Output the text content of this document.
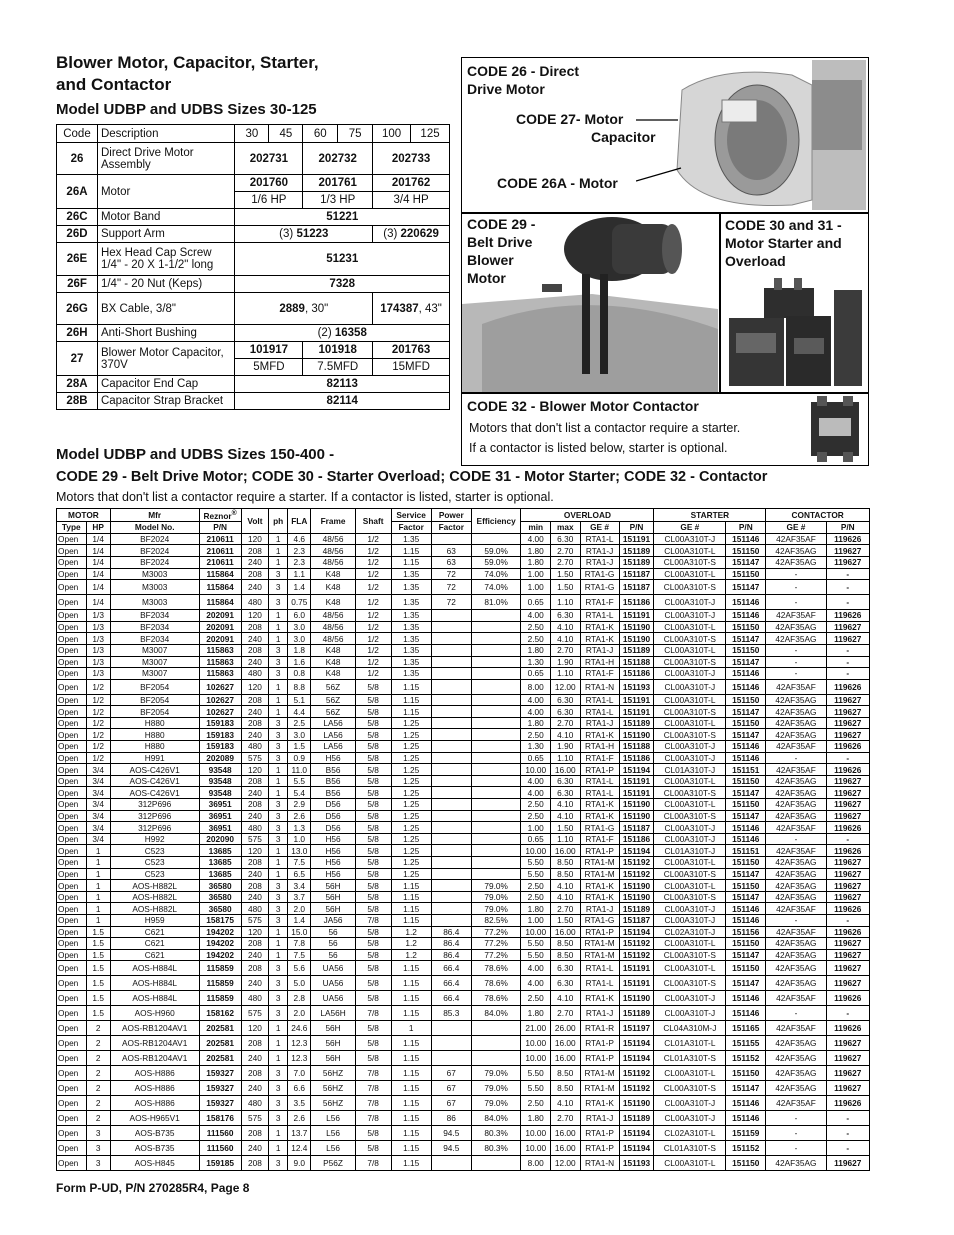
Blower Motor, Capacitor, Starter,
and Contactor
Model UDBP and UDBS Sizes 30-125
Code	Description	30	45	60	75	100	125
26	Direct Drive Motor Assembly	202731		202732		202733	
26A	Motor	201760		201761		201762	
		1/6 HP		1/3 HP		3/4 HP	
26C	Motor Band	51221					
26D	Support Arm	(3) 51223				(3) 220629	
26E	Hex Head Cap Screw 1/4" - 20 X 1-1/2" long	51231					
26F	1/4" - 20 Nut (Keps)	7328					
26G	BX Cable, 3/8"	2889, 30"				174387, 43"	
26H	Anti-Short Bushing	(2) 16358					
27	Blower Motor Capacitor, 370V	101917		101918		201763	
		5MFD		7.5MFD		15MFD	
28A	Capacitor End Cap	82113					
28B	Capacitor Strap Bracket	82114					
CODE 26 - Direct
Drive Motor
CODE 27- Motor
Capacitor
CODE 26A - Motor
CODE 29 -
Belt Drive
Blower
Motor
CODE 30 and 31 -
Motor Starter and
Overload
CODE 32 - Blower Motor Contactor
Motors that don't list a contactor require a starter.
If a contactor is listed below, starter is optional.
Model UDBP and UDBS Sizes 150-400 -
CODE 29 - Belt Drive Motor; CODE 30 - Starter Overload; CODE 31 - Motor Starter; CODE 32 - Contactor
Motors that don't list a contactor require a starter. If a contactor is listed, starter is optional.
MOTOR		Mfr	Reznor®	Volt	ph	FLA	Frame	Shaft	Service	Power	Efficiency	OVERLOAD				STARTER		CONTACTOR	
Type	HP	Model No.	P/N						Factor	Factor		min	max	GE #	P/N	GE #	P/N	GE #	P/N
Open	1/4	BF2024	210611	120	1	4.6	48/56	1/2	1.35			4.00	6.30	RTA1-L	151191	CL00A310T-J	151146	42AF35AF	119626
Open	1/4	BF2024	210611	208	1	2.3	48/56	1/2	1.15	63	59.0%	1.80	2.70	RTA1-J	151189	CL00A310T-L	151150	42AF35AG	119627
Open	1/4	BF2024	210611	240	1	2.3	48/56	1/2	1.15	63	59.0%	1.80	2.70	RTA1-J	151189	CL00A310T-S	151147	42AF35AG	119627
Open	1/4	M3003	115864	208	3	1.1	K48	1/2	1.35	72	74.0%	1.00	1.50	RTA1-G	151187	CL00A310T-L	151150	-	-
Open	1/4	M3003	115864	240	3	1.4	K48	1/2	1.35	72	74.0%	1.00	1.50	RTA1-G	151187	CL00A310T-S	151147	-	-
Open	1/4	M3003	115864	480	3	0.75	K48	1/2	1.35	72	81.0%	0.65	1.10	RTA1-F	151186	CL00A310T-J	151146	-	-
Open	1/3	BF2034	202091	120	1	6.0	48/56	1/2	1.35			4.00	6.30	RTA1-L	151191	CL00A310T-J	151146	42AF35AF	119626
Open	1/3	BF2034	202091	208	1	3.0	48/56	1/2	1.35			2.50	4.10	RTA1-K	151190	CL00A310T-L	151150	42AF35AG	119627
Open	1/3	BF2034	202091	240	1	3.0	48/56	1/2	1.35			2.50	4.10	RTA1-K	151190	CL00A310T-S	151147	42AF35AG	119627
Open	1/3	M3007	115863	208	3	1.8	K48	1/2	1.35			1.80	2.70	RTA1-J	151189	CL00A310T-L	151150	-	-
Open	1/3	M3007	115863	240	3	1.6	K48	1/2	1.35			1.30	1.90	RTA1-H	151188	CL00A310T-S	151147	-	-
Open	1/3	M3007	115863	480	3	0.8	K48	1/2	1.35			0.65	1.10	RTA1-F	151186	CL00A310T-J	151146	-	-
Open	1/2	BF2054	102627	120	1	8.8	56Z	5/8	1.15			8.00	12.00	RTA1-N	151193	CL00A310T-J	151146	42AF35AF	119626
Open	1/2	BF2054	102627	208	1	5.1	56Z	5/8	1.15			4.00	6.30	RTA1-L	151191	CL00A310T-L	151150	42AF35AG	119627
Open	1/2	BF2054	102627	240	1	4.4	56Z	5/8	1.15			4.00	6.30	RTA1-L	151191	CL00A310T-S	151147	42AF35AG	119627
Open	1/2	H880	159183	208	3	2.5	LA56	5/8	1.25			1.80	2.70	RTA1-J	151189	CL00A310T-L	151150	42AF35AG	119627
Open	1/2	H880	159183	240	3	3.0	LA56	5/8	1.25			2.50	4.10	RTA1-K	151190	CL00A310T-S	151147	42AF35AG	119627
Open	1/2	H880	159183	480	3	1.5	LA56	5/8	1.25			1.30	1.90	RTA1-H	151188	CL00A310T-J	151146	42AF35AF	119626
Open	1/2	H991	202089	575	3	0.9	H56	5/8	1.25			0.65	1.10	RTA1-F	151186	CL00A310T-J	151146	-	-
Open	3/4	AOS-C426V1	93548	120	1	11.0	B56	5/8	1.25			10.00	16.00	RTA1-P	151194	CL01A310T-J	151151	42AF35AF	119626
Open	3/4	AOS-C426V1	93548	208	1	5.5	B56	5/8	1.25			4.00	6.30	RTA1-L	151191	CL00A310T-L	151150	42AF35AG	119627
Open	3/4	AOS-C426V1	93548	240	1	5.4	B56	5/8	1.25			4.00	6.30	RTA1-L	151191	CL00A310T-S	151147	42AF35AG	119627
Open	3/4	312P696	36951	208	3	2.9	D56	5/8	1.25			2.50	4.10	RTA1-K	151190	CL00A310T-L	151150	42AF35AG	119627
Open	3/4	312P696	36951	240	3	2.6	D56	5/8	1.25			2.50	4.10	RTA1-K	151190	CL00A310T-S	151147	42AF35AG	119627
Open	3/4	312P696	36951	480	3	1.3	D56	5/8	1.25			1.00	1.50	RTA1-G	151187	CL00A310T-J	151146	42AF35AF	119626
Open	3/4	H992	202090	575	3	1.0	H56	5/8	1.25			0.65	1.10	RTA1-F	151186	CL00A310T-J	151146	-	-
Open	1	C523	13685	120	1	13.0	H56	5/8	1.25			10.00	16.00	RTA1-P	151194	CL01A310T-J	151151	42AF35AF	119626
Open	1	C523	13685	208	1	7.5	H56	5/8	1.25			5.50	8.50	RTA1-M	151192	CL00A310T-L	151150	42AF35AG	119627
Open	1	C523	13685	240	1	6.5	H56	5/8	1.25			5.50	8.50	RTA1-M	151192	CL00A310T-S	151147	42AF35AG	119627
Open	1	AOS-H882L	36580	208	3	3.4	56H	5/8	1.15		79.0%	2.50	4.10	RTA1-K	151190	CL00A310T-L	151150	42AF35AG	119627
Open	1	AOS-H882L	36580	240	3	3.7	56H	5/8	1.15		79.0%	2.50	4.10	RTA1-K	151190	CL00A310T-S	151147	42AF35AG	119627
Open	1	AOS-H882L	36580	480	3	2.0	56H	5/8	1.15		79.0%	1.80	2.70	RTA1-J	151189	CL00A310T-J	151146	42AF35AF	119626
Open	1	H959	158175	575	3	1.4	JA56	7/8	1.15		82.5%	1.00	1.50	RTA1-G	151187	CL00A310T-J	151146	-	-
Open	1.5	C621	194202	120	1	15.0	56	5/8	1.2	86.4	77.2%	10.00	16.00	RTA1-P	151194	CL02A310T-J	151156	42AF35AF	119626
Open	1.5	C621	194202	208	1	7.8	56	5/8	1.2	86.4	77.2%	5.50	8.50	RTA1-M	151192	CL00A310T-L	151150	42AF35AG	119627
Open	1.5	C621	194202	240	1	7.5	56	5/8	1.2	86.4	77.2%	5.50	8.50	RTA1-M	151192	CL00A310T-S	151147	42AF35AG	119627
Open	1.5	AOS-H884L	115859	208	3	5.6	UA56	5/8	1.15	66.4	78.6%	4.00	6.30	RTA1-L	151191	CL00A310T-L	151150	42AF35AG	119627
Open	1.5	AOS-H884L	115859	240	3	5.0	UA56	5/8	1.15	66.4	78.6%	4.00	6.30	RTA1-L	151191	CL00A310T-S	151147	42AF35AG	119627
Open	1.5	AOS-H884L	115859	480	3	2.8	UA56	5/8	1.15	66.4	78.6%	2.50	4.10	RTA1-K	151190	CL00A310T-J	151146	42AF35AF	119626
Open	1.5	AOS-H960	158162	575	3	2.0	LA56H	7/8	1.15	85.3	84.0%	1.80	2.70	RTA1-J	151189	CL00A310T-J	151146	-	-
Open	2	AOS-RB1204AV1	202581	120	1	24.6	56H	5/8	1			21.00	26.00	RTA1-R	151197	CL04A310M-J	151165	42AF35AF	119626
Open	2	AOS-RB1204AV1	202581	208	1	12.3	56H	5/8	1.15			10.00	16.00	RTA1-P	151194	CL01A310T-L	151155	42AF35AG	119627
Open	2	AOS-RB1204AV1	202581	240	1	12.3	56H	5/8	1.15			10.00	16.00	RTA1-P	151194	CL01A310T-S	151152	42AF35AG	119627
Open	2	AOS-H886	159327	208	3	7.0	56HZ	7/8	1.15	67	79.0%	5.50	8.50	RTA1-M	151192	CL00A310T-L	151150	42AF35AG	119627
Open	2	AOS-H886	159327	240	3	6.6	56HZ	7/8	1.15	67	79.0%	5.50	8.50	RTA1-M	151192	CL00A310T-S	151147	42AF35AG	119627
Open	2	AOS-H886	159327	480	3	3.5	56HZ	7/8	1.15	67	79.0%	2.50	4.10	RTA1-K	151190	CL00A310T-J	151146	42AF35AF	119626
Open	2	AOS-H965V1	158176	575	3	2.6	L56	7/8	1.15	86	84.0%	1.80	2.70	RTA1-J	151189	CL00A310T-J	151146	-	-
Open	3	AOS-B735	111560	208	1	13.7	L56	5/8	1.15	94.5	80.3%	10.00	16.00	RTA1-P	151194	CL02A310T-L	151159	-	-
Open	3	AOS-B735	111560	240	1	12.4	L56	5/8	1.15	94.5	80.3%	10.00	16.00	RTA1-P	151194	CL01A310T-S	151152	-	-
Open	3	AOS-H845	159185	208	3	9.0	P56Z	7/8	1.15			8.00	12.00	RTA1-N	151193	CL00A310T-L	151150	42AF35AG	119627
Form P-UD, P/N 270285R4, Page 8
